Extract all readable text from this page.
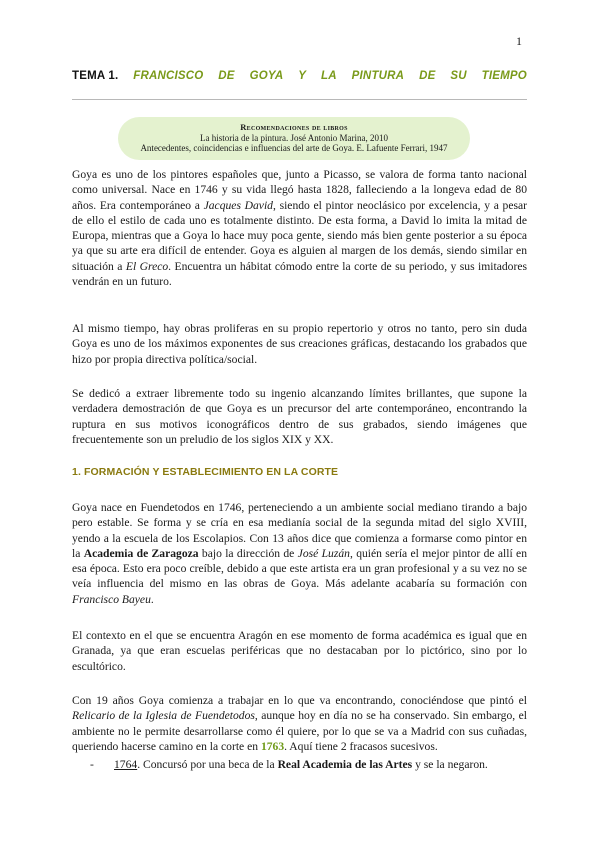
1
TEMA 1. FRANCISCO DE GOYA Y LA PINTURA DE SU TIEMPO
Recomendaciones de libros
La historia de la pintura. José Antonio Marina, 2010
Antecedentes, coincidencias e influencias del arte de Goya. E. Lafuente Ferrari, 1947

Goya es uno de los pintores españoles que, junto a Picasso, se valora de forma tanto nacional como universal. Nace en 1746 y su vida llegó hasta 1828, falleciendo a la longeva edad de 80 años. Era contemporáneo a Jacques David, siendo el pintor neoclásico por excelencia, y a pesar de ello el estilo de cada uno es totalmente distinto. De esta forma, a David lo imita la mitad de Europa, mientras que a Goya lo hace muy poca gente, siendo más bien gente posterior a su época ya que su arte era difícil de entender. Goya es alguien al margen de los demás, siendo similar en situación a El Greco. Encuentra un hábitat cómodo entre la corte de su periodo, y sus imitadores vendrán en un futuro.

Al mismo tiempo, hay obras proliferas en su propio repertorio y otros no tanto, pero sin duda Goya es uno de los máximos exponentes de sus creaciones gráficas, destacando los grabados que hizo por propia directiva política/social.

Se dedicó a extraer libremente todo su ingenio alcanzando límites brillantes, que supone la verdadera demostración de que Goya es un precursor del arte contemporáneo, encontrando la ruptura en sus motivos iconográficos dentro de sus grabados, siendo imágenes que frecuentemente son un preludio de los siglos XIX y XX.

1. FORMACIÓN Y ESTABLECIMIENTO EN LA CORTE

Goya nace en Fuendetodos en 1746, perteneciendo a un ambiente social mediano tirando a bajo pero estable. Se forma y se cría en esa medianía social de la segunda mitad del siglo XVIII, yendo a la escuela de los Escolapios. Con 13 años dice que comienza a formarse como pintor en la Academia de Zaragoza bajo la dirección de José Luzán, quién sería el mejor pintor de allí en esa época. Esto era poco creíble, debido a que este artista era un gran profesional y a su vez no se veía influencia del mismo en las obras de Goya. Más adelante acabaría su formación con Francisco Bayeu.

El contexto en el que se encuentra Aragón en ese momento de forma académica es igual que en Granada, ya que eran escuelas periféricas que no destacaban por lo pictórico, sino por lo escultórico.

Con 19 años Goya comienza a trabajar en lo que va encontrando, conociéndose que pintó el Relicario de la Iglesia de Fuendetodos, aunque hoy en día no se ha conservado. Sin embargo, el ambiente no le permite desarrollarse como él quiere, por lo que se va a Madrid con sus cuñadas, queriendo hacerse camino en la corte en 1763. Aquí tiene 2 fracasos sucesivos.

- 1764. Concursó por una beca de la Real Academia de las Artes y se la negaron.
